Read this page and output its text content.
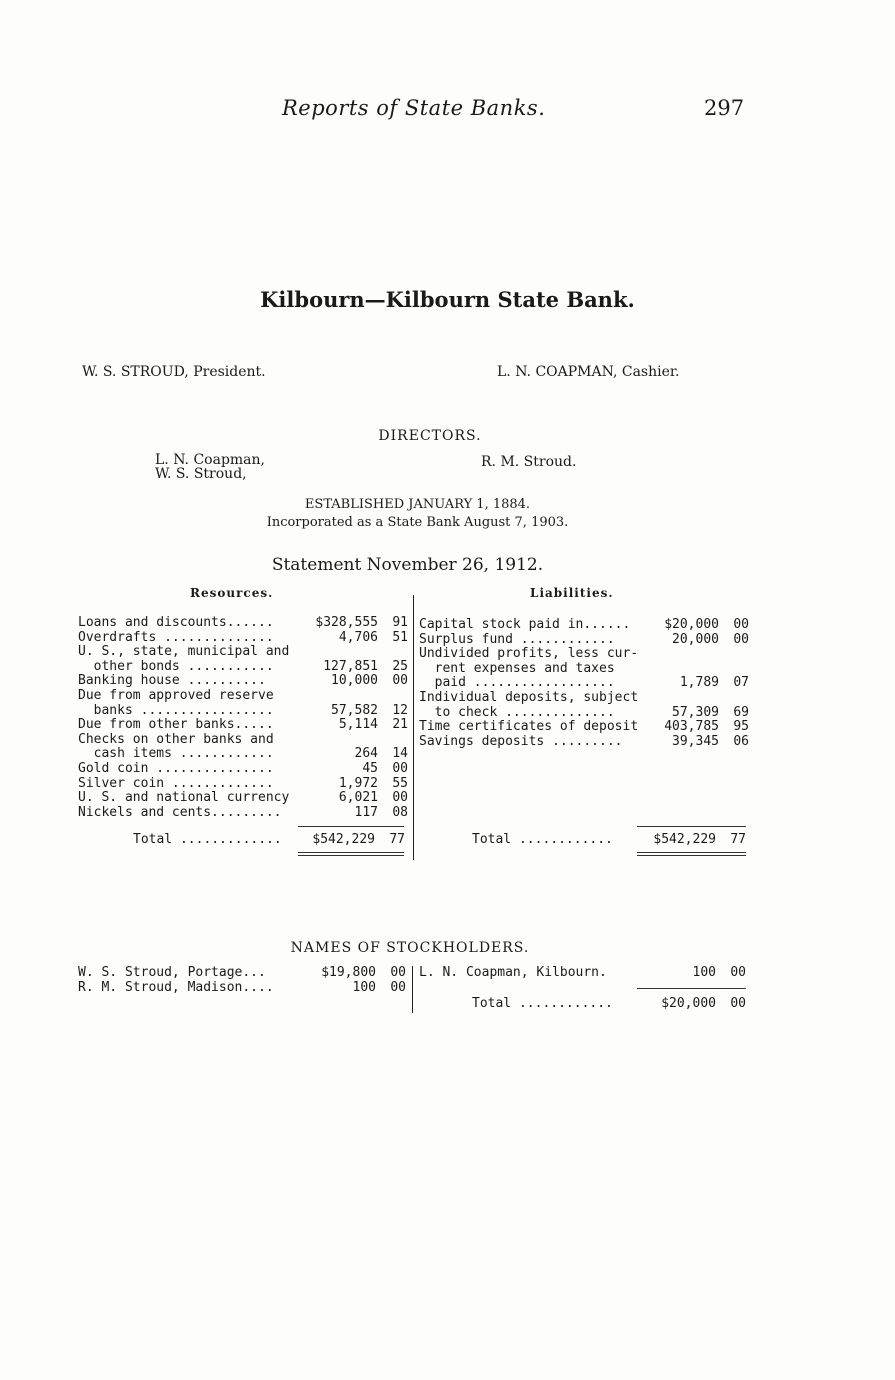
Reports of State Banks.	297
Kilbourn—Kilbourn State Bank.
W. S. STROUD, President.	L. N. COAPMAN, Cashier.
DIRECTORS.
L. N. Coapman,
W. S. Stroud,
R. M. Stroud.
ESTABLISHED JANUARY 1, 1884.
Incorporated as a State Bank August 7, 1903.
Statement November 26, 1912.
Resources.	Liabilities.
Loans and discounts......	$328,555 91
Overdrafts ..............	4,706 51
U. S., state, municipal and
other bonds ...........	127,851 25
Banking house ..........	10,000 00
Due from approved reserve
banks .................	57,582 12
Due from other banks.....	5,114 21
Checks on other banks and
cash items ............	264 14
Gold coin ...............	45 00
Silver coin .............	1,972 55
U. S. and national currency	6,021 00
Nickels and cents.........	117 08
Capital stock paid in......	$20,000 00
Surplus fund ............	20,000 00
Undivided profits, less cur-
rent expenses and taxes
paid ..................	1,789 07
Individual deposits, subject
to check ..............	57,309 69
Time certificates of deposit 403,785 95
Savings deposits .........	39,345 06
Total ............. $542,229 77	Total ............	$542,229 77
NAMES OF STOCKHOLDERS.
W. S. Stroud, Portage...	$19,800 00
R. M. Stroud, Madison....	100 00
L. N. Coapman, Kilbourn.	100 00
Total ............	$20,000 00
